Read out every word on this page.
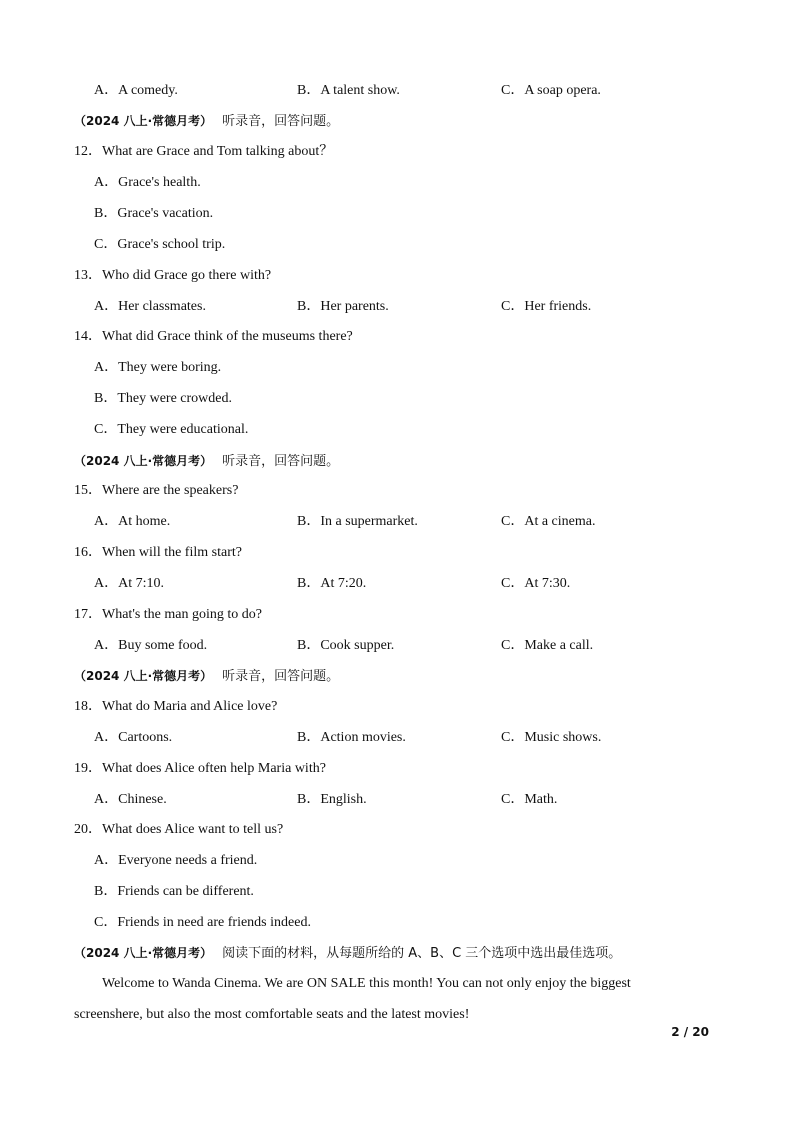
A．A comedy.	B．A talent show.	C．A soap opera.
（2024 八上·常德月考） 听录音，回答问题。
12．What are Grace and Tom talking about？
A．Grace's health.
B．Grace's vacation.
C．Grace's school trip.
13．Who did Grace go there with?
A．Her classmates.	B．Her parents.	C．Her friends.
14．What did Grace think of the museums there?
A．They were boring.
B．They were crowded.
C．They were educational.
（2024 八上·常德月考） 听录音，回答问题。
15．Where are the speakers?
A．At home.	B．In a supermarket.	C．At a cinema.
16．When will the film start?
A．At 7:10.	B．At 7:20.	C．At 7:30.
17．What's the man going to do?
A．Buy some food.	B．Cook supper.	C．Make a call.
（2024 八上·常德月考） 听录音，回答问题。
18．What do Maria and Alice love?
A．Cartoons.	B．Action movies.	C．Music shows.
19．What does Alice often help Maria with?
A．Chinese.	B．English.	C．Math.
20．What does Alice want to tell us?
A．Everyone needs a friend.
B．Friends can be different.
C．Friends in need are friends indeed.
（2024 八上·常德月考） 阅读下面的材料，从每题所给的 A、B、C 三个选项中选出最佳选项。
Welcome to Wanda Cinema. We are ON SALE this month! You can not only enjoy the biggest
screenshere, but also the most comfortable seats and the latest movies!
2 / 20
